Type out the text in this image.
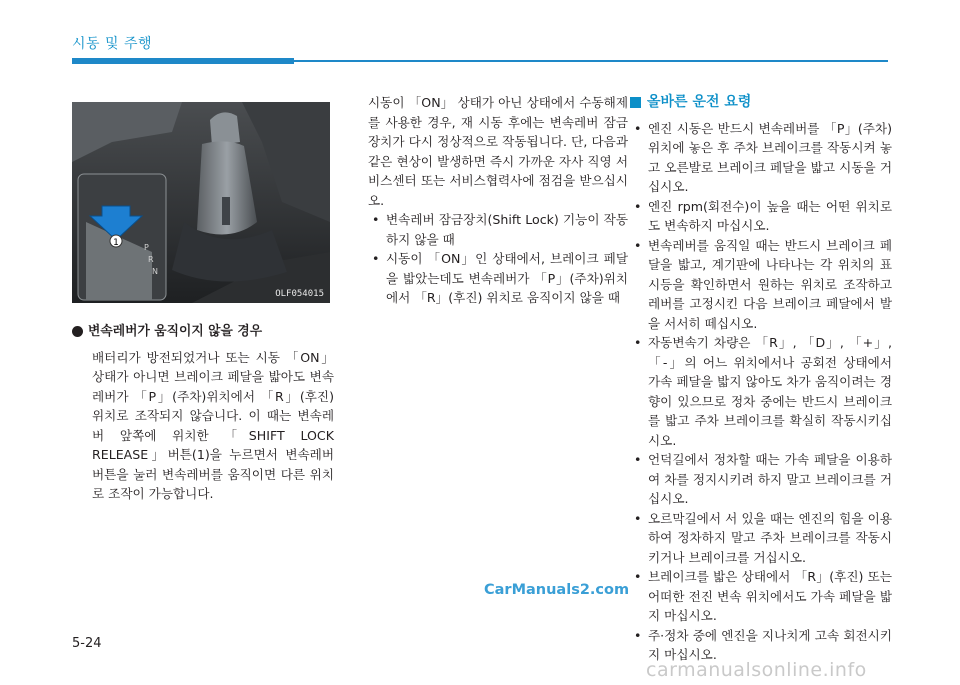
시동 및 주행
1	P
R
N
OLF054015
변속레버가 움직이지 않을 경우
배터리가 방전되었거나 또는 시동 「ON」 상태가 아니면 브레이크 페달을 밟아도 변속레버가 「P」(주차)위치에서 「R」(후진) 위치로 조작되지 않습니다. 이 때는 변속레버 앞쪽에 위치한 「SHIFT LOCK RELEASE」버튼(1)을 누르면서 변속레버 버튼을 눌러 변속레버를 움직이면 다른 위치로 조작이 가능합니다.
시동이 「ON」 상태가 아닌 상태에서 수동해제를 사용한 경우, 재 시동 후에는 변속레버 잠금장치가 다시 정상적으로 작동됩니다. 단, 다음과 같은 현상이 발생하면 즉시 가까운 자사 직영 서비스센터 또는 서비스협력사에 점검을 받으십시오.
• 변속레버 잠금장치(Shift Lock) 기능이 작동하지 않을 때
• 시동이 「ON」인 상태에서, 브레이크 페달을 밟았는데도 변속레버가 「P」(주차)위치에서 「R」(후진) 위치로 움직이지 않을 때
올바른 운전 요령
• 엔진 시동은 반드시 변속레버를 「P」(주차) 위치에 놓은 후 주차 브레이크를 작동시켜 놓고 오른발로 브레이크 페달을 밟고 시동을 거십시오.
• 엔진 rpm(회전수)이 높을 때는 어떤 위치로도 변속하지 마십시오.
• 변속레버를 움직일 때는 반드시 브레이크 페달을 밟고, 계기판에 나타나는 각 위치의 표시등을 확인하면서 원하는 위치로 조작하고 레버를 고정시킨 다음 브레이크 페달에서 발을 서서히 떼십시오.
• 자동변속기 차량은 「R」, 「D」, 「+」, 「-」의 어느 위치에서나 공회전 상태에서 가속 페달을 밟지 않아도 차가 움직이려는 경향이 있으므로 정차 중에는 반드시 브레이크를 밟고 주차 브레이크를 확실히 작동시키십시오.
• 언덕길에서 정차할 때는 가속 페달을 이용하여 차를 정지시키려 하지 말고 브레이크를 거십시오.
• 오르막길에서 서 있을 때는 엔진의 힘을 이용하여 정차하지 말고 주차 브레이크를 작동시키거나 브레이크를 거십시오.
• 브레이크를 밟은 상태에서 「R」(후진) 또는 어떠한 전진 변속 위치에서도 가속 페달을 밟지 마십시오.
• 주·정차 중에 엔진을 지나치게 고속 회전시키지 마십시오.
CarManuals2.com
5-24
carmanualsonline.info
